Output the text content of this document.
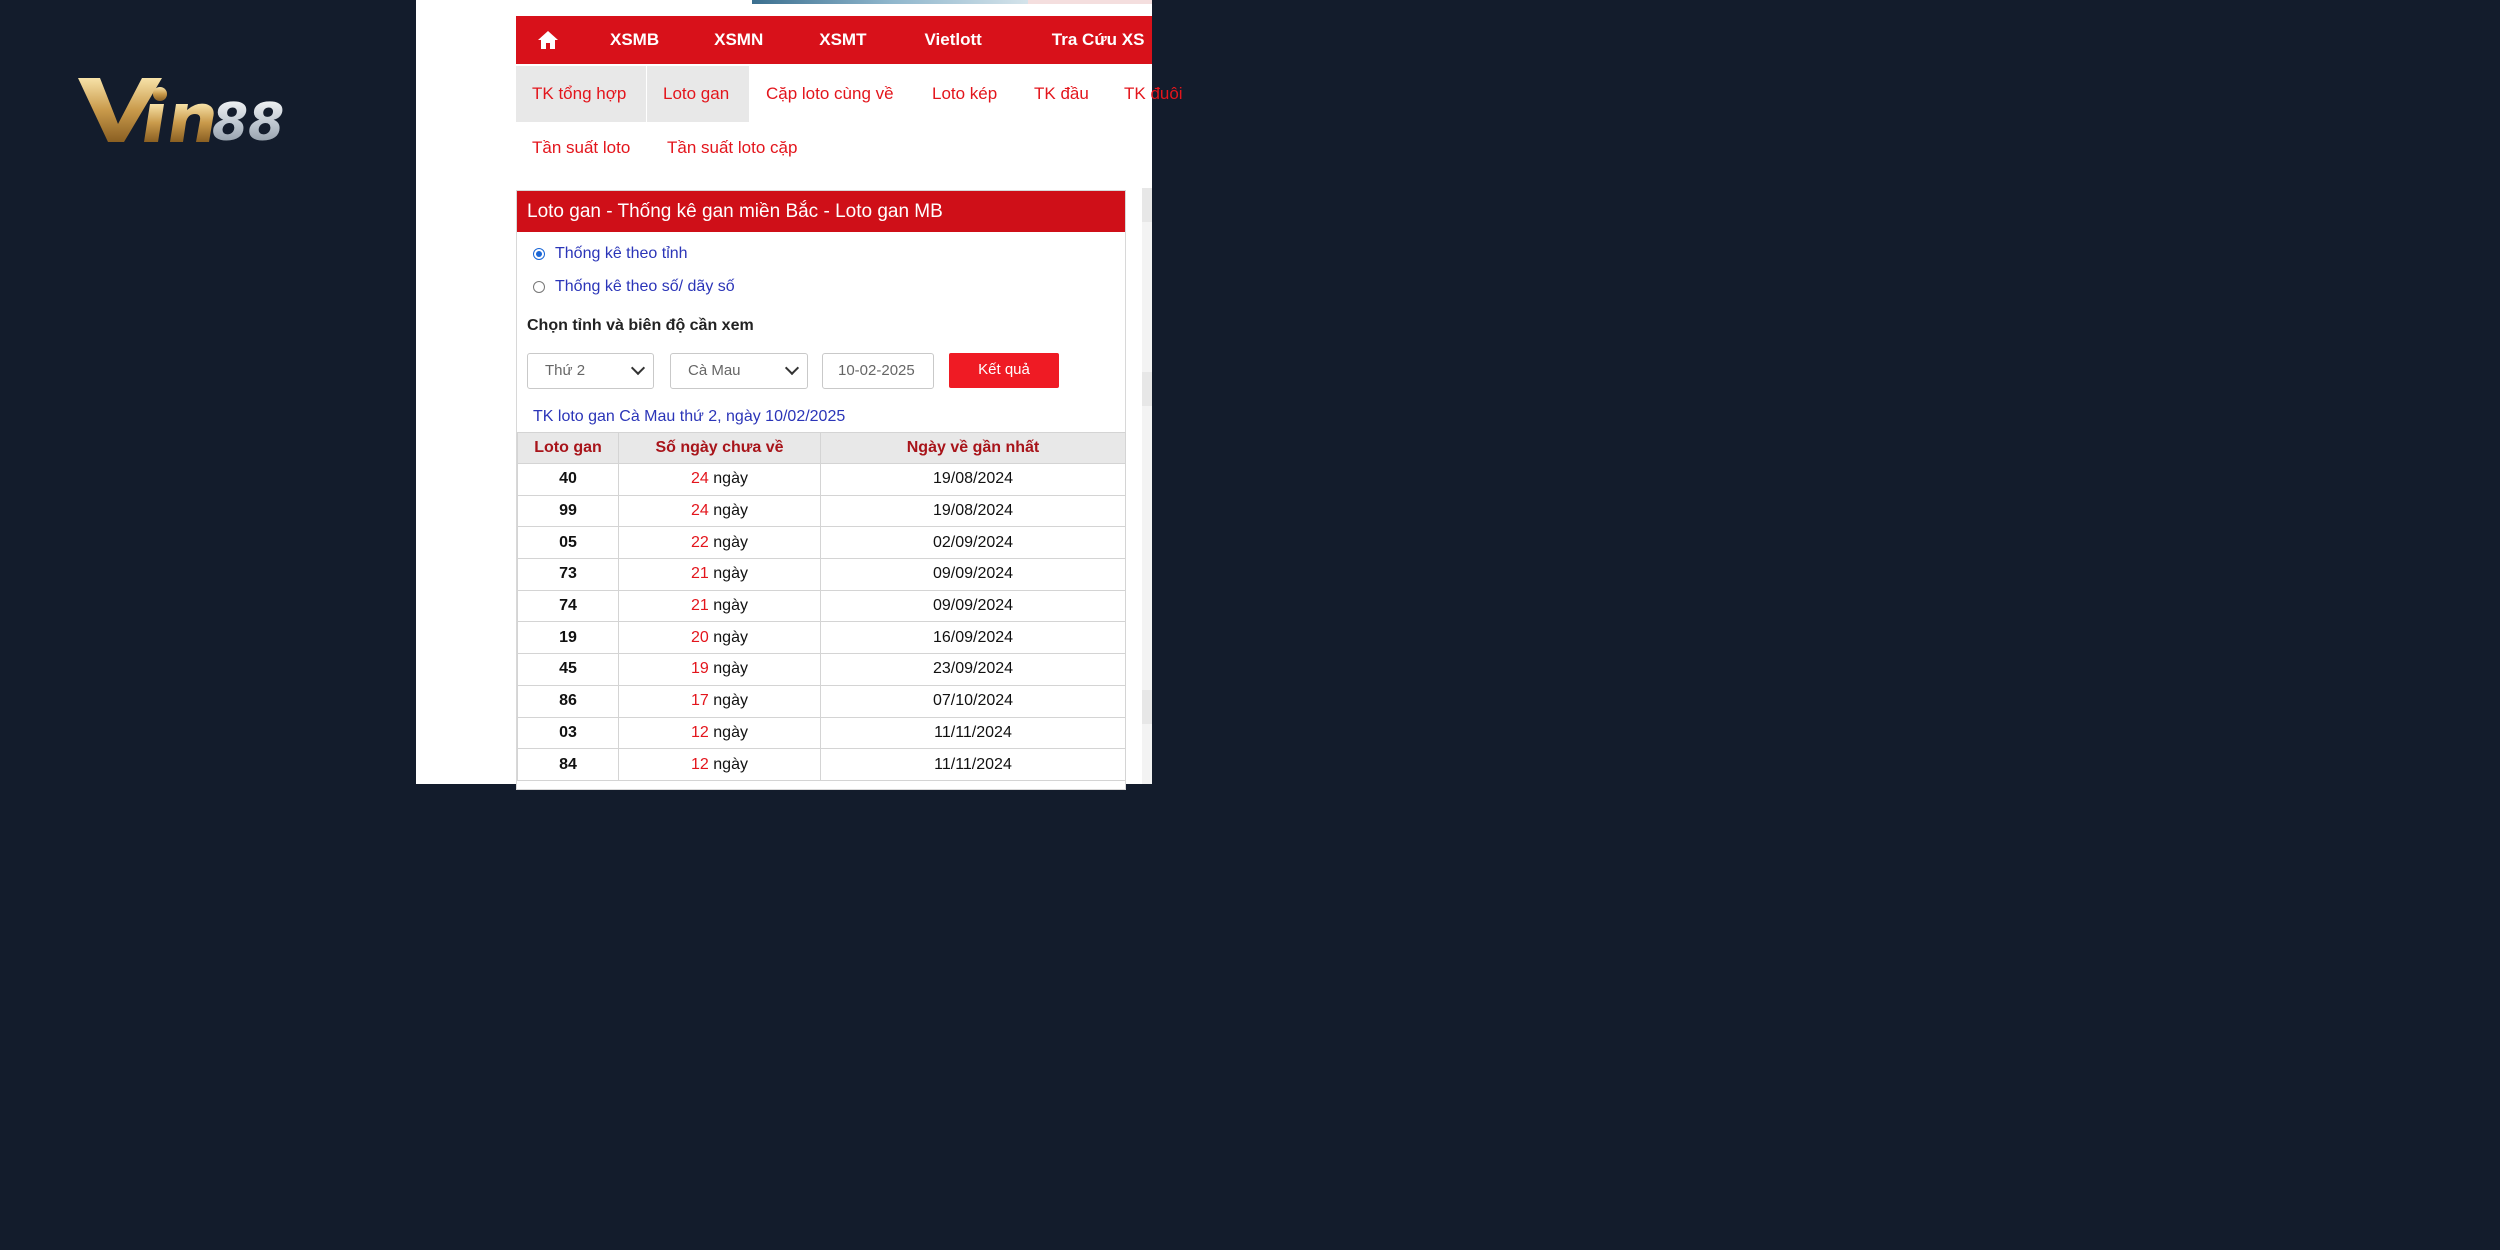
88
XSMB	XSMN	XSMT	Vietlott	Tra Cứu XS
TK tổng hợp	Loto gan	Cặp loto cùng về	Loto kép	TK đầu	TK đuôi
Tần suất loto	Tần suất loto cặp
Loto gan - Thống kê gan miền Bắc - Loto gan MB
Thống kê theo tỉnh
Thống kê theo số/ dãy số
Chọn tỉnh và biên độ cần xem
Thứ 2	Cà Mau	10-02-2025	Kết quả
TK loto gan Cà Mau thứ 2, ngày 10/02/2025
Loto gan	Số ngày chưa về	Ngày về gần nhất
40	24 ngày	19/08/2024
99	24 ngày	19/08/2024
05	22 ngày	02/09/2024
73	21 ngày	09/09/2024
74	21 ngày	09/09/2024
19	20 ngày	16/09/2024
45	19 ngày	23/09/2024
86	17 ngày	07/10/2024
03	12 ngày	11/11/2024
84	12 ngày	11/11/2024
